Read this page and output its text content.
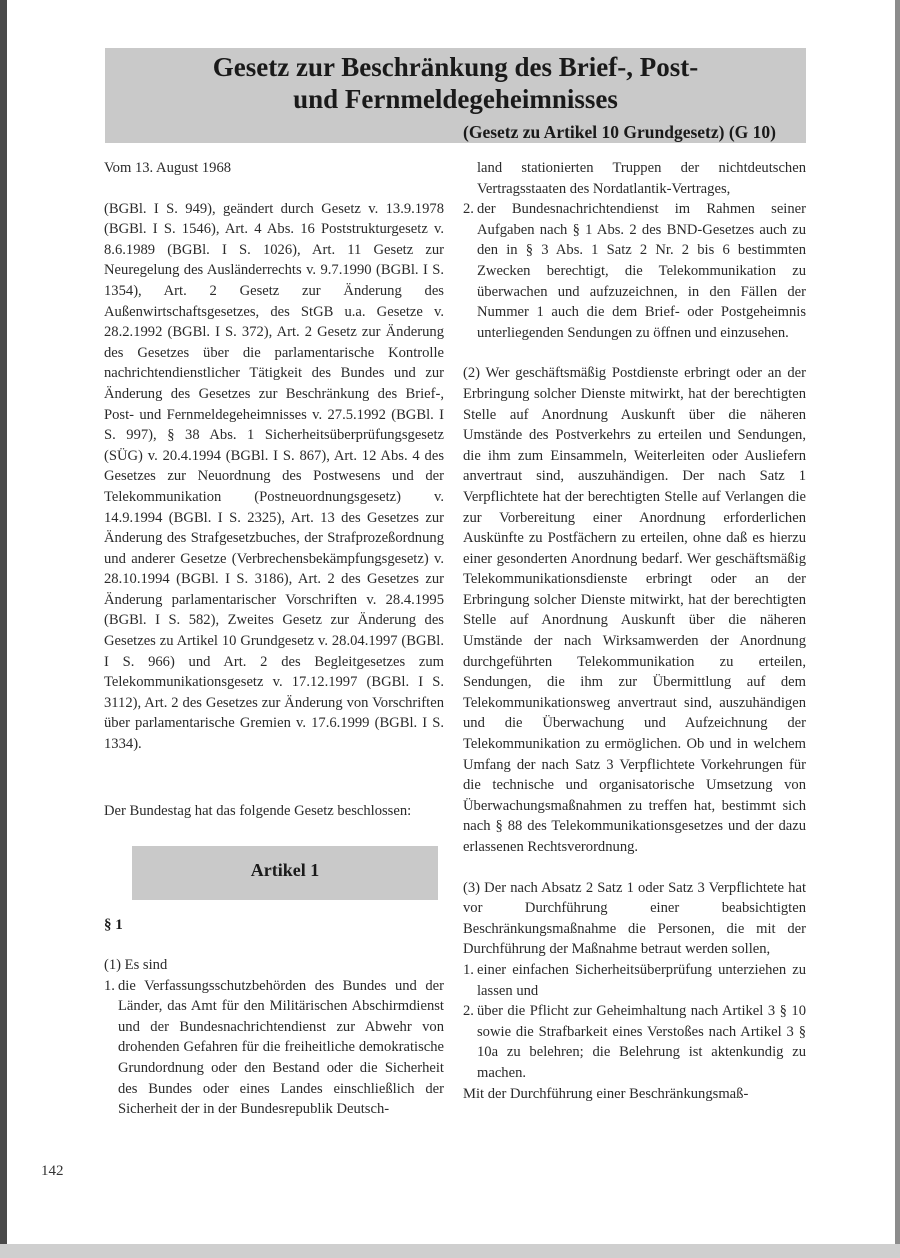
Gesetz zur Beschränkung des Brief-, Post-
und Fernmeldegeheimnisses
(Gesetz zu Artikel 10 Grundgesetz) (G 10)

Vom 13. August 1968

(BGBl. I S. 949), geändert durch Gesetz v. 13.9.1978 (BGBl. I S. 1546), Art. 4 Abs. 16 Poststrukturgesetz v. 8.6.1989 (BGBl. I S. 1026), Art. 11 Gesetz zur Neuregelung des Ausländerrechts v. 9.7.1990 (BGBl. I S. 1354), Art. 2 Gesetz zur Änderung des Außenwirtschaftsgesetzes, des StGB u.a. Gesetze v. 28.2.1992 (BGBl. I S. 372), Art. 2 Gesetz zur Änderung des Gesetzes über die parlamentarische Kontrolle nachrichtendienstlicher Tätigkeit des Bundes und zur Änderung des Gesetzes zur Beschränkung des Brief-, Post- und Fernmeldegeheimnisses v. 27.5.1992 (BGBl. I S. 997), § 38 Abs. 1 Sicherheitsüberprüfungsgesetz (SÜG) v. 20.4.1994 (BGBl. I S. 867), Art. 12 Abs. 4 des Gesetzes zur Neuordnung des Postwesens und der Telekommunikation (Postneuordnungsgesetz) v. 14.9.1994 (BGBl. I S. 2325), Art. 13 des Gesetzes zur Änderung des Strafgesetzbuches, der Strafprozeßordnung und anderer Gesetze (Verbrechensbekämpfungsgesetz) v. 28.10.1994 (BGBl. I S. 3186), Art. 2 des Gesetzes zur Änderung parlamentarischer Vorschriften v. 28.4.1995 (BGBl. I S. 582), Zweites Gesetz zur Änderung des Gesetzes zu Artikel 10 Grundgesetz v. 28.04.1997 (BGBl. I S. 966) und Art. 2 des Begleitgesetzes zum Telekommunikationsgesetz v. 17.12.1997 (BGBl. I S. 3112), Art. 2 des Gesetzes zur Änderung von Vorschriften über parlamentarische Gremien v. 17.6.1999 (BGBl. I S. 1334).

Der Bundestag hat das folgende Gesetz beschlossen:

Artikel 1
§ 1

(1) Es sind

1. die Verfassungsschutzbehörden des Bundes und der Länder, das Amt für den Militärischen Abschirmdienst und der Bundesnachrichtendienst zur Abwehr von drohenden Gefahren für die freiheitliche demokratische Grundordnung oder den Bestand oder die Sicherheit des Bundes oder eines Landes einschließlich der Sicherheit der in der Bundesrepublik Deutsch-

land stationierten Truppen der nichtdeutschen Vertragsstaaten des Nordatlantik-Vertrages,

2. der Bundesnachrichtendienst im Rahmen seiner Aufgaben nach § 1 Abs. 2 des BND-Gesetzes auch zu den in § 3 Abs. 1 Satz 2 Nr. 2 bis 6 bestimmten Zwecken berechtigt, die Telekommunikation zu überwachen und aufzuzeichnen, in den Fällen der Nummer 1 auch die dem Brief- oder Postgeheimnis unterliegenden Sendungen zu öffnen und einzusehen.

(2) Wer geschäftsmäßig Postdienste erbringt oder an der Erbringung solcher Dienste mitwirkt, hat der berechtigten Stelle auf Anordnung Auskunft über die näheren Umstände des Postverkehrs zu erteilen und Sendungen, die ihm zum Einsammeln, Weiterleiten oder Ausliefern anvertraut sind, auszuhändigen. Der nach Satz 1 Verpflichtete hat der berechtigten Stelle auf Verlangen die zur Vorbereitung einer Anordnung erforderlichen Auskünfte zu Postfächern zu erteilen, ohne daß es hierzu einer gesonderten Anordnung bedarf. Wer geschäftsmäßig Telekommunikationsdienste erbringt oder an der Erbringung solcher Dienste mitwirkt, hat der berechtigten Stelle auf Anordnung Auskunft über die näheren Umstände der nach Wirksamwerden der Anordnung durchgeführten Telekommunikation zu erteilen, Sendungen, die ihm zur Übermittlung auf dem Telekommunikationsweg anvertraut sind, auszuhändigen und die Überwachung und Aufzeichnung der Telekommunikation zu ermöglichen. Ob und in welchem Umfang der nach Satz 3 Verpflichtete Vorkehrungen für die technische und organisatorische Umsetzung von Überwachungsmaßnahmen zu treffen hat, bestimmt sich nach § 88 des Telekommunikationsgesetzes und der dazu erlassenen Rechtsverordnung.

(3) Der nach Absatz 2 Satz 1 oder Satz 3 Verpflichtete hat vor Durchführung einer beabsichtigten Beschränkungsmaßnahme die Personen, die mit der Durchführung der Maßnahme betraut werden sollen,

1. einer einfachen Sicherheitsüberprüfung unterziehen zu lassen und
2. über die Pflicht zur Geheimhaltung nach Artikel 3 § 10 sowie die Strafbarkeit eines Verstoßes nach Artikel 3 § 10a zu belehren; die Belehrung ist aktenkundig zu machen.

Mit der Durchführung einer Beschränkungsmaß-

142
